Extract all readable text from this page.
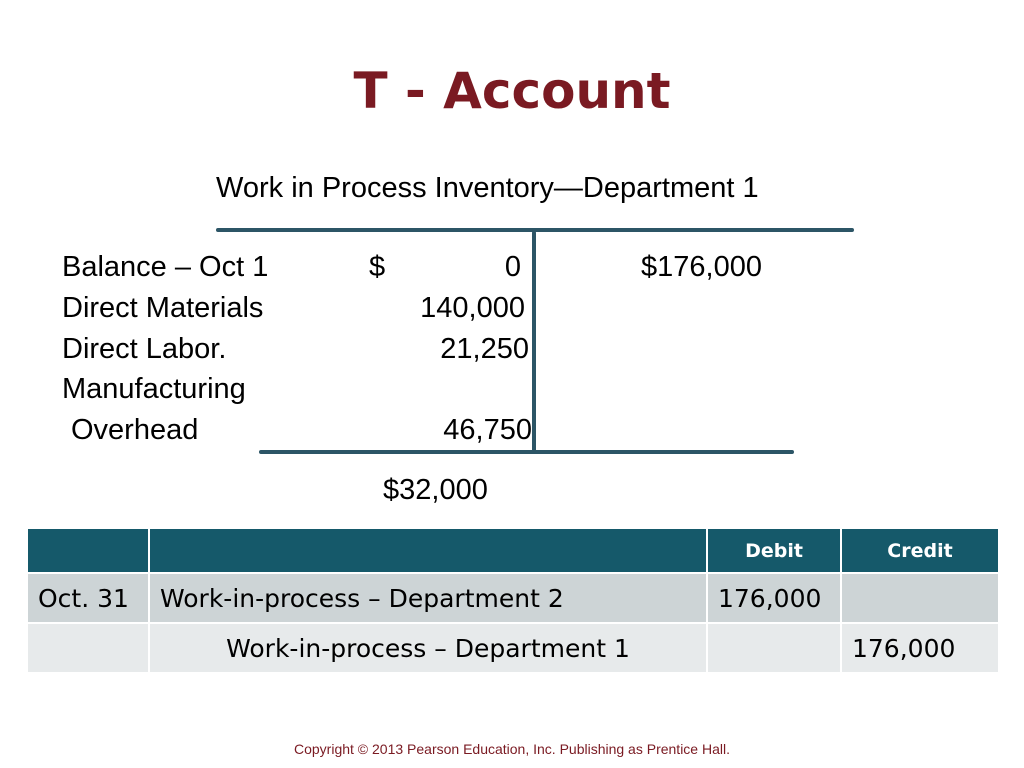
T - Account
Work in Process Inventory—Department 1
Balance – Oct 1	$	0	$176,000
Direct Materials	140,000
Direct Labor.	21,250
Manufacturing
Overhead	46,750
$32,000
		Debit	Credit
Oct. 31	Work-in-process – Department 2	176,000	
	Work-in-process – Department 1		176,000
Copyright © 2013 Pearson Education, Inc. Publishing as Prentice Hall.
